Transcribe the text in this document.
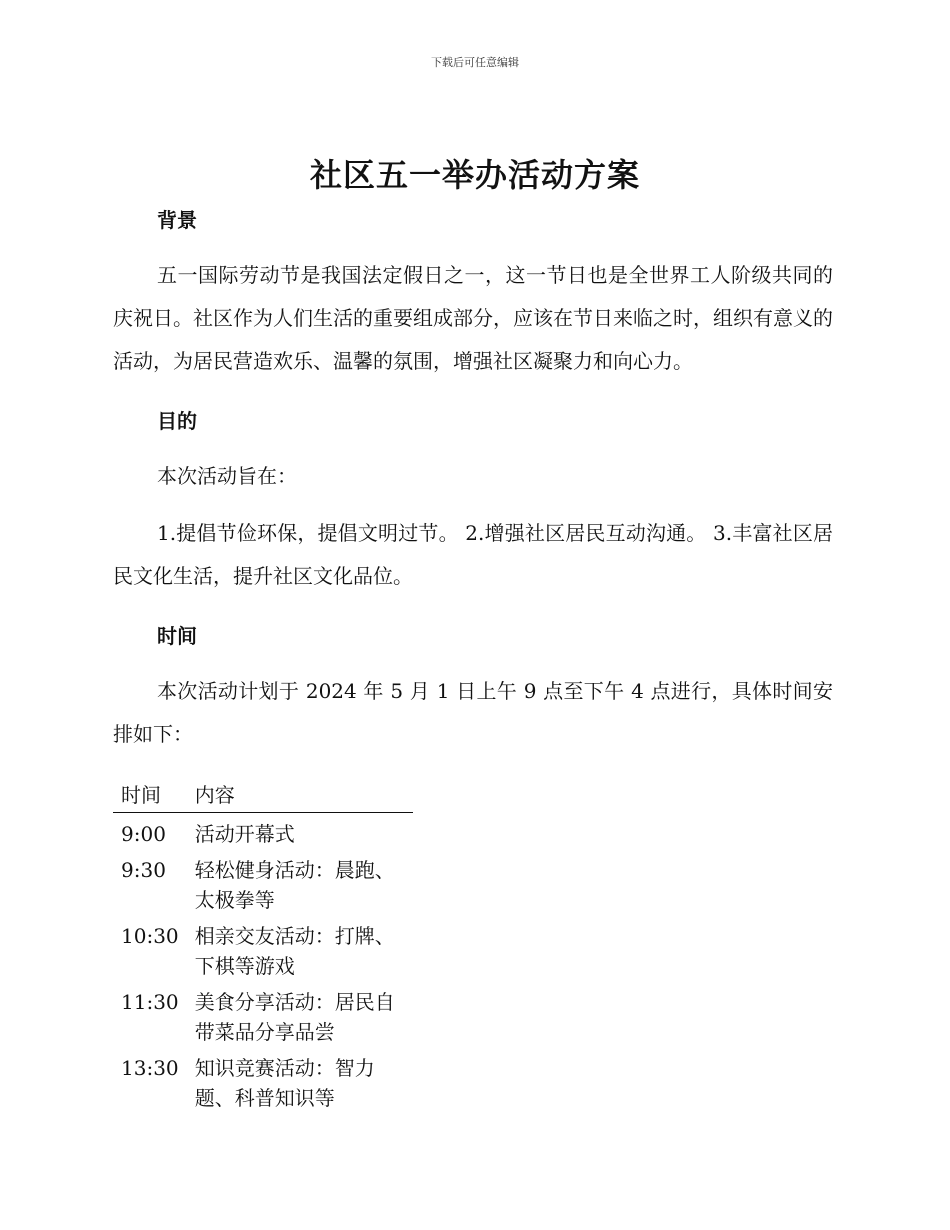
下载后可任意编辑
社区五一举办活动方案
背景

五一国际劳动节是我国法定假日之一，这一节日也是全世界工人阶级共同的庆祝日。社区作为人们生活的重要组成部分，应该在节日来临之时，组织有意义的活动，为居民营造欢乐、温馨的氛围，增强社区凝聚力和向心力。

目的

本次活动旨在：

1.提倡节俭环保，提倡文明过节。 2.增强社区居民互动沟通。 3.丰富社区居民文化生活，提升社区文化品位。

时间

本次活动计划于 2024 年 5 月 1 日上午 9 点至下午 4 点进行，具体时间安排如下：

时间	内容
9:00	活动开幕式
9:30	轻松健身活动：晨跑、太极拳等
10:30	相亲交友活动：打牌、下棋等游戏
11:30	美食分享活动：居民自带菜品分享品尝
13:30	知识竞赛活动：智力题、科普知识等
